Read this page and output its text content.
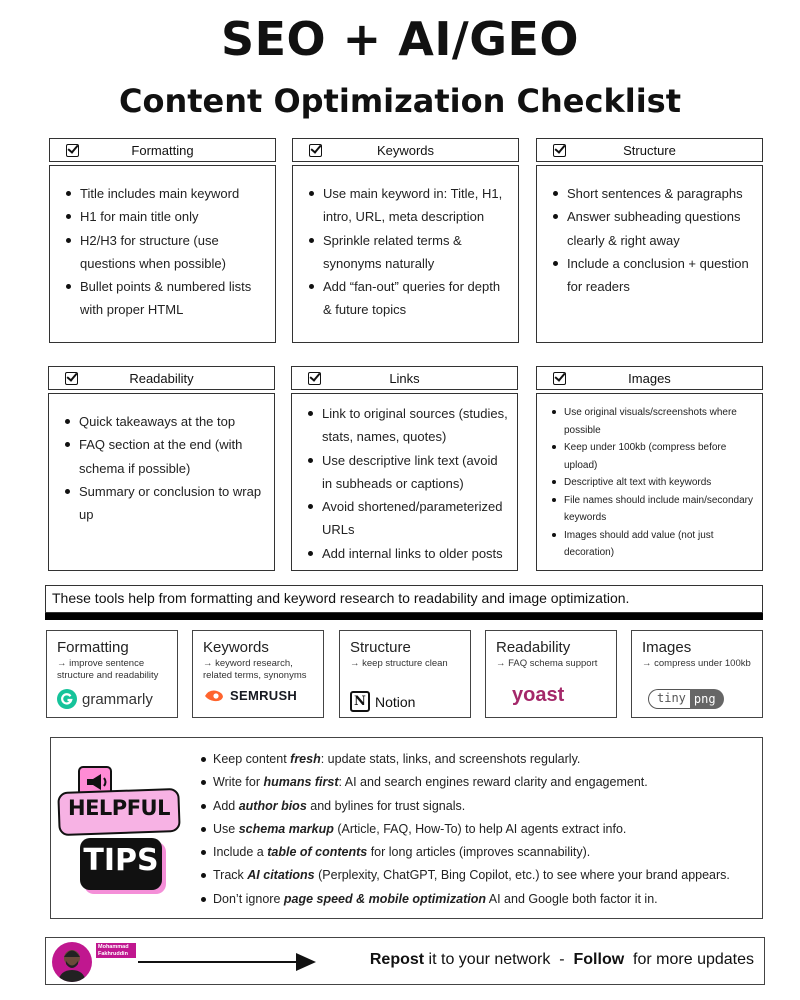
SEO + AI/GEO
Content Optimization Checklist
Formatting
Title includes main keyword
H1 for main title only
H2/H3 for structure (use questions when possible)
Bullet points & numbered lists with proper HTML
Keywords
Use main keyword in: Title, H1, intro, URL, meta description
Sprinkle related terms & synonyms naturally
Add “fan-out” queries for depth & future topics
Structure
Short sentences & paragraphs
Answer subheading questions clearly & right away
Include a conclusion + question for readers
Readability
Quick takeaways at the top
FAQ section at the end (with schema if possible)
Summary or conclusion to wrap up
Links
Link to original sources (studies, stats, names, quotes)
Use descriptive link text (avoid in subheads or captions)
Avoid shortened/parameterized URLs
Add internal links to older posts
Images
Use original visuals/screenshots where possible
Keep under 100kb (compress before upload)
Descriptive alt text with keywords
File names should include main/secondary keywords
Images should add value (not just decoration)
These tools help from formatting and keyword research to readability and image optimization.
Formatting
→ improve sentence structure and readability
grammarly
Keywords
→ keyword research, related terms, synonyms
SEMRUSH
Structure
→ keep structure clean
N Notion
Readability
→ FAQ schema support
yoast
Images
→ compress under 100kb
tiny png
HELPFUL
TIPS
Keep content fresh: update stats, links, and screenshots regularly.
Write for humans first: AI and search engines reward clarity and engagement.
Add author bios and bylines for trust signals.
Use schema markup (Article, FAQ, How-To) to help AI agents extract info.
Include a table of contents for long articles (improves scannability).
Track AI citations (Perplexity, ChatGPT, Bing Copilot, etc.) to see where your brand appears.
Don’t ignore page speed & mobile optimization AI and Google both factor it in.
Mohammad Fakhruddin	Repost it to your network  -  Follow  for more updates
